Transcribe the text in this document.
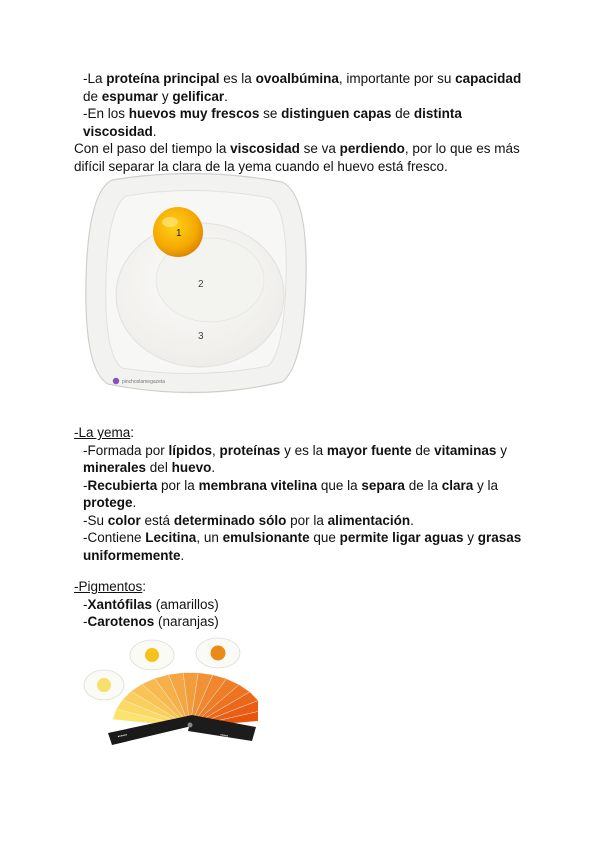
-La proteína principal es la ovoalbúmina, importante por su capacidad de espumar y gelificar.

-En los huevos muy frescos se distinguen capas de distinta viscosidad.

Con el paso del tiempo la viscosidad se va perdiendo, por lo que es más difícil separar la clara de la yema cuando el huevo está fresco.

1
2
3
pinchoslamegazeta

-La yema:

-Formada por lípidos, proteínas y es la mayor fuente de vitaminas y minerales del huevo.

-Recubierta por la membrana vitelina que la separa de la clara y la protege.

-Su color está determinado sólo por la alimentación.

-Contiene Lecitina, un emulsionante que permite ligar aguas y grasas uniformemente.

-Pigmentos:

-Xantófilas (amarillos)

-Carotenos (naranjas)

▪▪▪▪▪▪	▪▪▪▪▪
